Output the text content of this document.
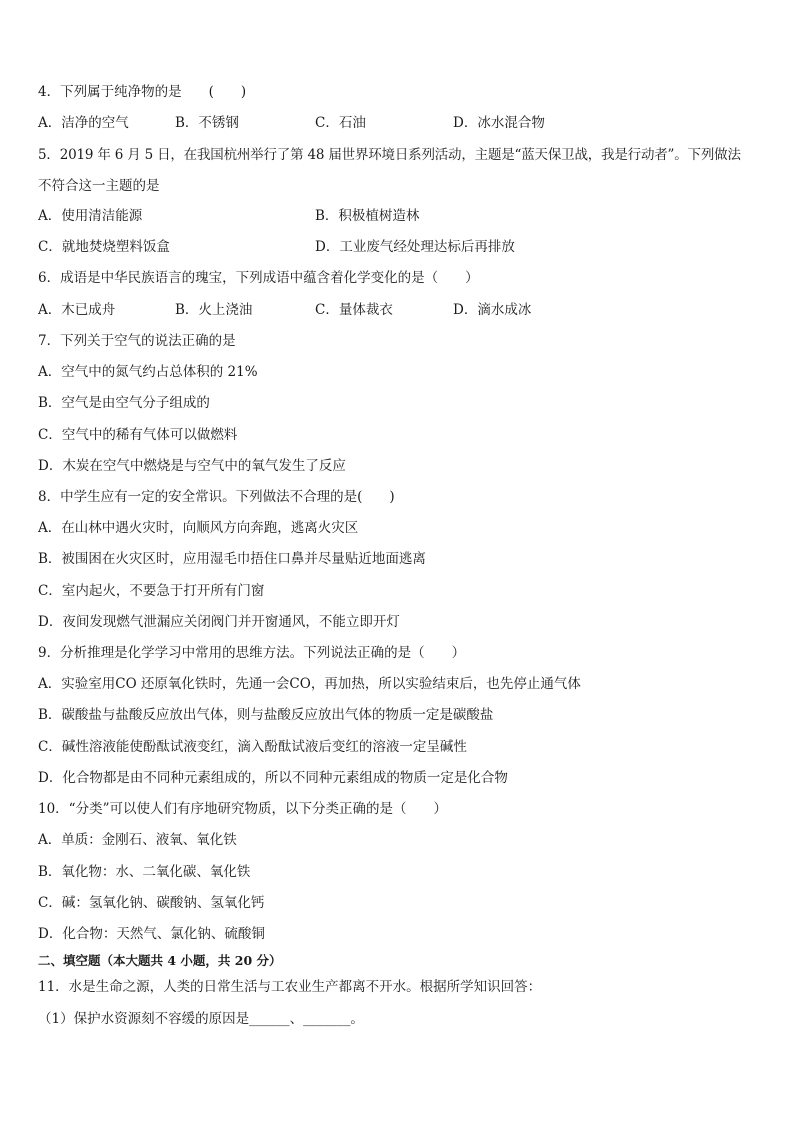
4．下列属于纯净物的是　　(　　)
A．洁净的空气	B．不锈钢	C．石油	D．冰水混合物
5．2019 年 6 月 5 日，在我国杭州举行了第 48 届世界环境日系列活动，主题是“蓝天保卫战，我是行动者”。下列做法
不符合这一主题的是
A．使用清洁能源	B．积极植树造林
C．就地焚烧塑料饭盒	D．工业废气经处理达标后再排放
6．成语是中华民族语言的瑰宝，下列成语中蕴含着化学变化的是（　　）
A．木已成舟	B．火上浇油	C．量体裁衣	D．滴水成冰
7．下列关于空气的说法正确的是
A．空气中的氮气约占总体积的 21%
B．空气是由空气分子组成的
C．空气中的稀有气体可以做燃料
D．木炭在空气中燃烧是与空气中的氧气发生了反应
8．中学生应有一定的安全常识。下列做法不合理的是(　　)
A．在山林中遇火灾时，向顺风方向奔跑，逃离火灾区
B．被围困在火灾区时，应用湿毛巾捂住口鼻并尽量贴近地面逃离
C．室内起火，不要急于打开所有门窗
D．夜间发现燃气泄漏应关闭阀门并开窗通风，不能立即开灯
9．分析推理是化学学习中常用的思维方法。下列说法正确的是（　　）
A．实验室用CO 还原氧化铁时，先通一会CO，再加热，所以实验结束后，也先停止通气体
B．碳酸盐与盐酸反应放出气体，则与盐酸反应放出气体的物质一定是碳酸盐
C．碱性溶液能使酚酞试液变红，滴入酚酞试液后变红的溶液一定呈碱性
D．化合物都是由不同种元素组成的，所以不同种元素组成的物质一定是化合物
10．“分类”可以使人们有序地研究物质，以下分类正确的是（　　）
A．单质：金刚石、液氧、氧化铁
B．氧化物：水、二氧化碳、氧化铁
C．碱：氢氧化钠、碳酸钠、氢氧化钙
D．化合物：天然气、氯化钠、硫酸铜
二、填空题（本大题共 4 小题，共 20 分）
11．水是生命之源，人类的日常生活与工农业生产都离不开水。根据所学知识回答：
（1）保护水资源刻不容缓的原因是______、_______。
